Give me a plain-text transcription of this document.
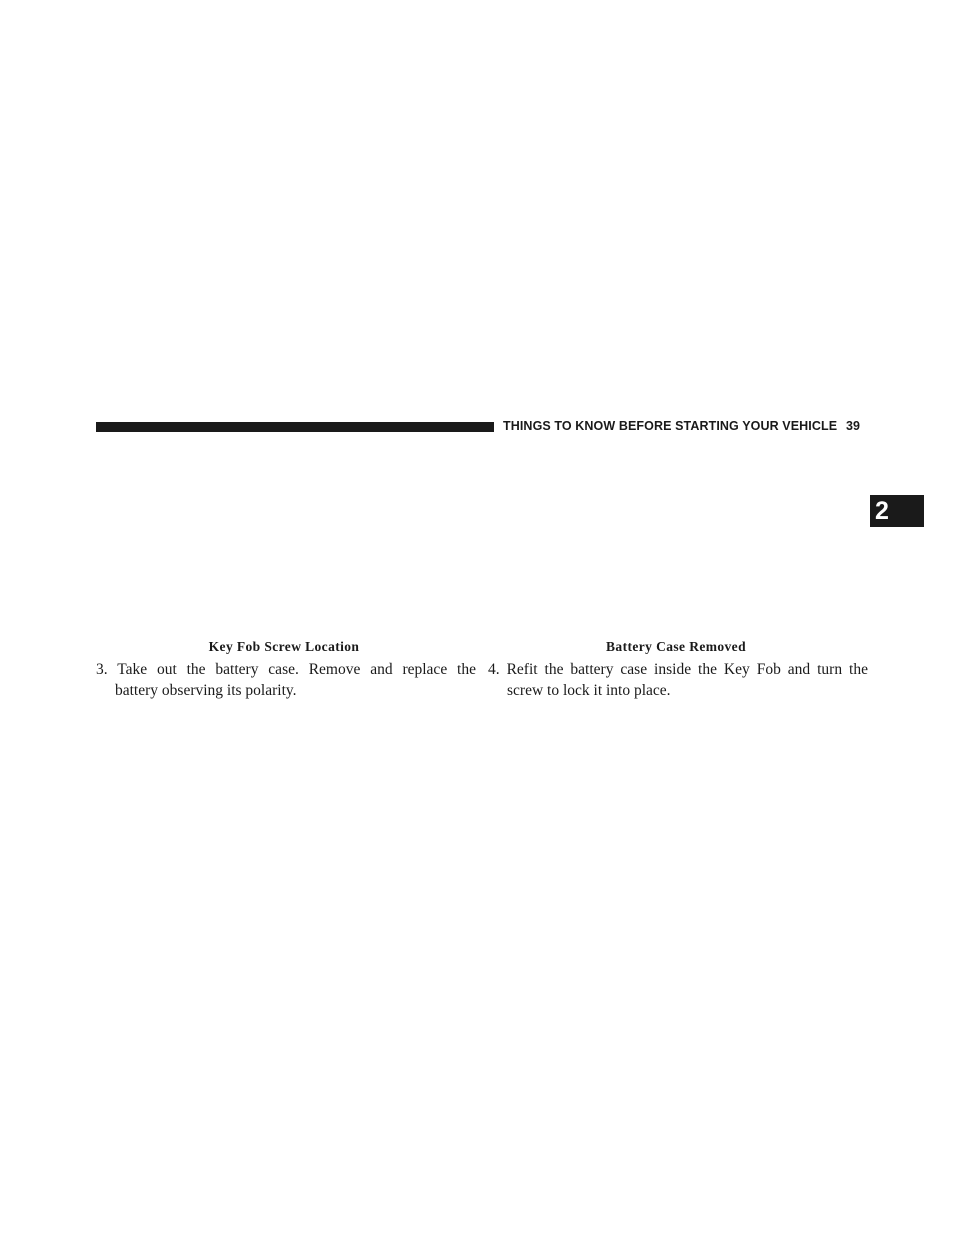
THINGS TO KNOW BEFORE STARTING YOUR VEHICLE 39
2
Key Fob Screw Location	Battery Case Removed
3. Take out the battery case. Remove and replace the
battery observing its polarity.
4. Refit the battery case inside the Key Fob and turn the
screw to lock it into place.
